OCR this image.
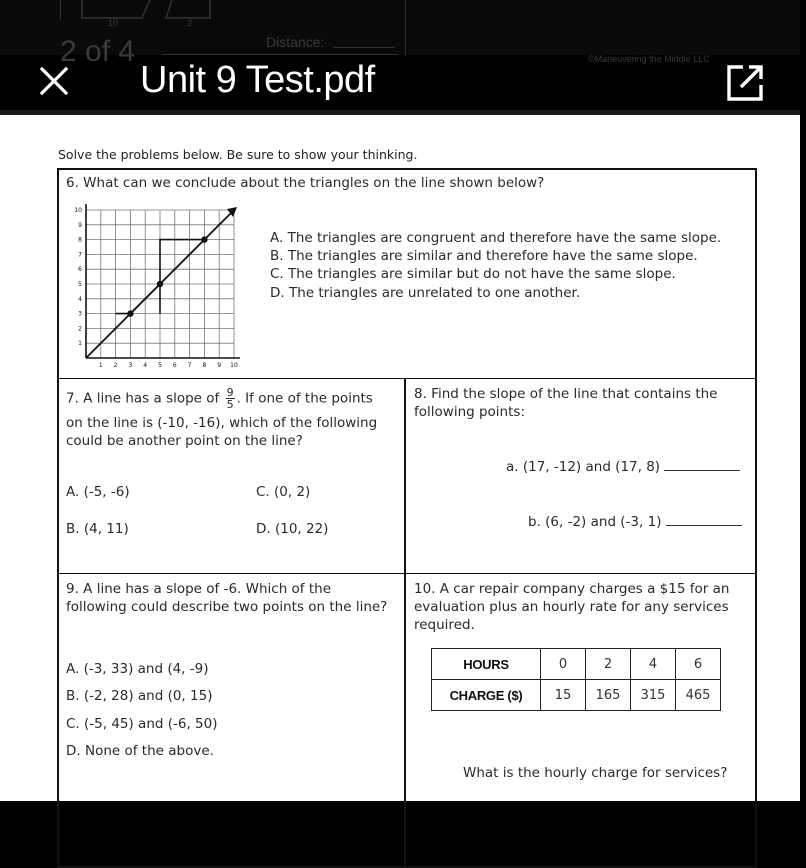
10	2
2 of 4	Distance:
©Maneuvering the Middle LLC
Unit 9 Test.pdf
Solve the problems below. Be sure to show your thinking.
6. What can we conclude about the triangles on the line shown below?
1 2 3 4 5 6 7 8 9 10
1
2
3
4
5
6
7
8
9
10
A. The triangles are congruent and therefore have the same slope.
B. The triangles are similar and therefore have the same slope.
C. The triangles are similar but do not have the same slope.
D. The triangles are unrelated to one another.
7. A line has a slope of $\frac{9}{5}$ . If one of the points
on the line is (-10, -16), which of the following
could be another point on the line?
A. (-5, -6)	C. (0, 2)
B. (4, 11)	D. (10, 22)
8. Find the slope of the line that contains the
following points:
a. (17, -12) and (17, 8)
b. (6, -2) and (-3, 1)
9. A line has a slope of -6. Which of the
following could describe two points on the line?
A. (-3, 33) and (4, -9)
B. (-2, 28) and (0, 15)
C. (-5, 45) and (-6, 50)
D. None of the above.
10. A car repair company charges a $15 for an
evaluation plus an hourly rate for any services
required.
HOURS	0	2	4	6
CHARGE ($)	15	165	315	465
What is the hourly charge for services?
